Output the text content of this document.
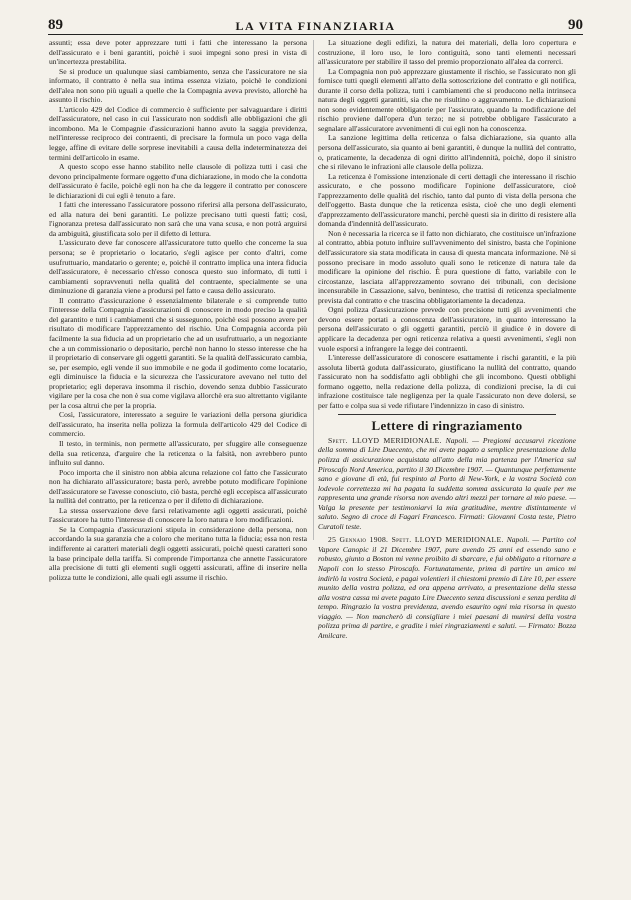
89	LA VITA FINANZIARIA	90

assunti; essa deve poter apprezzare tutti i fatti che interessano la persona dell'assicurato e i beni garantiti, poichè i suoi impegni sono presi in vista di un'incertezza prestabilita.

Se si produce un qualunque siasi cambiamento, senza che l'assicuratore ne sia informato, il contratto è nella sua intima essenza viziato, poichè le condizioni dell'alea non sono più uguali a quelle che la Compagnia aveva previsto, allorchè ha assunto il rischio.

L'articolo 429 del Codice di commercio è sufficiente per salvaguardare i diritti dell'assicuratore, nel caso in cui l'assicurato non soddisfi alle obbligazioni che gli incombono. Ma le Compagnie d'assicurazioni hanno avuto la saggia previdenza, nell'interesse reciproco dei contraenti, di precisare la formula un poco vaga della legge, affine di evitare delle sorprese inevitabili a causa della indeterminatezza dei termini dell'articolo in esame.

A questo scopo esse hanno stabilito nelle clausole di polizza tutti i casi che devono principalmente formare oggetto d'una dichiarazione, in modo che la condotta dell'assicurato è facile, poichè egli non ha che da leggere il contratto per conoscere le dichiarazioni di cui egli è tenuto a fare.

I fatti che interessano l'assicuratore possono riferirsi alla persona dell'assicurato, ed alla natura dei beni garantiti. Le polizze precisano tutti questi fatti; così, l'ignoranza pretesa dall'assicurato non sarà che una vana scusa, e non potrà arguirsi da ambiguità, giustificata solo per il difetto di lettura.

L'assicurato deve far conoscere all'assicuratore tutto quello che concerne la sua persona; se è proprietario o locatario, s'egli agisce per conto d'altri, come usufruttuario, mandatario o gerente; e, poichè il contratto implica una intera fiducia dell'assicuratore, è necessario ch'esso conosca questo suo informato, di tutti i cambiamenti sopravvenuti nella qualità del contraente, specialmente se una diminuzione di garanzia viene a prodursi pel fatto e causa dello assicurato.

Il contratto d'assicurazione è essenzialmente bilaterale e si comprende tutto l'interesse della Compagnia d'assicurazioni di conoscere in modo preciso la qualità del garantito e tutti i cambiamenti che si susseguono, poichè essi possono avere per risultato di modificare l'apprezzamento del rischio. Una Compagnia accorda più facilmente la sua fiducia ad un proprietario che ad un usufruttuario, a un negoziante che a un commissionario o depositario, perchè non hanno lo stesso interesse che ha il proprietario di conservare gli oggetti garantiti. Se la qualità dell'assicurato cambia, se, per esempio, egli vende il suo immobile e ne goda il godimento come locatario, egli diminuisce la fiducia e la sicurezza che l'assicuratore avevano nel tutto del proprietario; egli deperava insomma il rischio, dovendo senza dubbio l'assicurato vigilare per la cosa che non è sua come vigilava allorchè era suo altrettanto vigilante per la cosa altrui che per la propria.

Così, l'assicuratore, interessato a seguire le variazioni della persona giuridica dell'assicurato, ha inserita nella polizza la formula dell'articolo 429 del Codice di commercio.

Il testo, in terminis, non permette all'assicurato, per sfuggire alle conseguenze della sua reticenza, d'arguire che la reticenza o la falsità, non avrebbero punto influito sul danno.

Poco importa che il sinistro non abbia alcuna relazione col fatto che l'assicurato non ha dichiarato all'assicuratore; basta però, avrebbe potuto modificare l'opinione dell'assicuratore se l'avesse conosciuto, ciò basta, perchè egli eccepisca all'assicurato la nullità del contratto, per la reticenza o per il difetto di dichiarazione.

La stessa osservazione deve farsi relativamente agli oggetti assicurati, poichè l'assicuratore ha tutto l'interesse di conoscere la loro natura e loro modificazioni.

Se la Compagnia d'assicurazioni stipula in considerazione della persona, non accordando la sua garanzia che a coloro che meritano tutta la fiducia; essa non resta indifferente ai caratteri materiali degli oggetti assicurati, poichè questi caratteri sono la base principale della tariffa. Si comprende l'importanza che annette l'assicuratore alla precisione di tutti gli elementi sugli oggetti assicurati, affine di inserire nella polizza tutte le condizioni, alle quali egli assume il rischio.

La situazione degli edifizi, la natura dei materiali, della loro copertura e costruzione, il loro uso, le loro contiguità, sono tanti elementi necessari all'assicuratore per stabilire il tasso del premio proporzionato all'alea da correrci.

La Compagnia non può apprezzare giustamente il rischio, se l'assicurato non gli fornisce tutti quegli elementi all'atto della sottoscrizione del contratto e gli notifica, durante il corso della polizza, tutti i cambiamenti che si producono nella intrinseca natura degli oggetti garantiti, sia che ne risultino o aggravamento. Le dichiarazioni non sono evidentemente obbligatorie per l'assicurato, quando la modificazione del rischio proviene dall'opera d'un terzo; ne si potrebbe obbligare l'assicurato a segnalare all'assicuratore avvenimenti di cui egli non ha conoscenza.

La sanzione legittima della reticenza o falsa dichiarazione, sia quanto alla persona dell'assicurato, sia quanto ai beni garantiti, è dunque la nullità del contratto, o, praticamente, la decadenza di ogni diritto all'indennità, poichè, dopo il sinistro che si rilevano le infrazioni alle clausole della polizza.

La reticenza è l'omissione intenzionale di certi dettagli che interessano il rischio assicurato, e che possono modificare l'opinione dell'assicuratore, cioè l'apprezzamento delle qualità del rischio, tanto dal punto di vista della persona che dell'oggetto. Basta dunque che la reticenza esista, cioè che uno degli elementi d'apprezzamento dell'assicuratore manchi, perchè questi sia in diritto di resistere alla domanda d'indennità dell'assicurato.

Non è necessaria la ricerca se il fatto non dichiarato, che costituisce un'infrazione al contratto, abbia potuto influire sull'avvenimento del sinistro, basta che l'opinione dell'assicuratore sia stata modificata in causa di questa mancata informazione. Nè si possono precisare in modo assoluto quali sono le reticenze di natura tale da modificare la opinione del rischio. È pura questione di fatto, variabile con le circostanze, lasciata all'apprezzamento sovrano dei tribunali, con decisione incensurabile in Cassazione, salvo, beninteso, che trattisi di reticenza specialmente prevista dal contratto e che trascina obbligatoriamente la decadenza.

Ogni polizza d'assicurazione prevede con precisione tutti gli avvenimenti che devono essere portati a conoscenza dell'assicuratore, in quanto interessano la persona dell'assicurato o gli oggetti garantiti, perciò il giudice è in dovere di applicare la decadenza per ogni reticenza relativa a questi avvenimenti, s'egli non vuole esporsi a infrangere la legge dei contraenti.

L'interesse dell'assicuratore di conoscere esattamente i rischi garantiti, e la più assoluta libertà goduta dall'assicurato, giustificano la nullità del contratto, quando l'assicurato non ha soddisfatto agli obblighi che gli incombono. Questi obblighi formano oggetto, nella redazione della polizza, di condizioni precise, la di cui infrazione costituisce tale negligenza per la quale l'assicurato non deve dolersi, se per fatto e colpa sua si vede rifiutare l'indennizzo in caso di sinistro.

Lettere di ringraziamento

Spett. LLOYD MERIDIONALE. Napoli. — Pregiomi accusarvi ricezione della somma di Lire Duecento, che mi avete pagato a semplice presentazione della polizza di assicurazione acquistata all'atto della mia partenza per l'America sul Piroscafo Nord America, partito il 30 Dicembre 1907. — Quantunque perfettamente sano e giovane di età, fui respinto al Porto di New-York, e la vostra Società con lodevole correttezza mi ha pagata la suddetta somma assicurata la quale per me rappresenta una grande risorsa non avendo altri mezzi per tornare al mio paese. — Valga la presente per testimoniarvi la mia gratitudine, mentre distintamente vi saluto. Segno di croce di Fagari Francesco. Firmati: Giovanni Costa teste, Pietro Curatoli teste.

25 Gennaio 1908. Spett. LLOYD MERIDIONALE. Napoli. — Partito col Vapore Canopic il 21 Dicembre 1907, pure avendo 25 anni ed essendo sano e robusto, giunto a Boston mi venne proibito di sbarcare, e fui obbligato a ritornare a Napoli con lo stesso Piroscafo. Fortunatamente, prima di partire un amico mi indirlò la vostra Società, e pagai volentieri il chiestomi premio di Lire 10, per essere munito della vostra polizza, ed ora appena arrivato, a presentazione della stessa alla vostra cassa mi avete pagato Lire Duecento senza discussioni e senza perdita di tempo. Ringrazio la vostra previdenza, avendo esaurito ogni mia risorsa in questo viaggio. — Non mancherò di consigliare i miei paesani di munirsi della vostra polizza prima di partire, e gradite i miei ringraziamenti e saluti. — Firmato: Bozza Amilcare.
